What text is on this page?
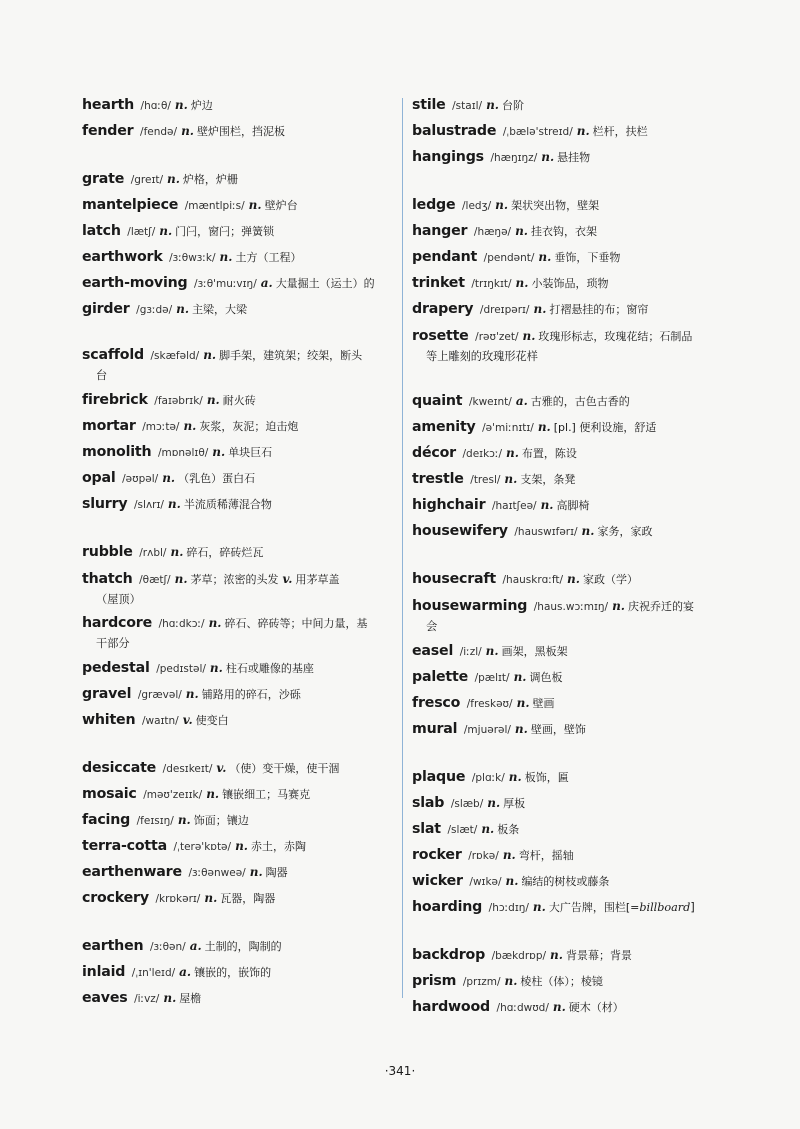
hearth /hɑːθ/ n. 炉边
fender /fendə/ n. 壁炉围栏，挡泥板
grate /greɪt/ n. 炉格，炉栅
mantelpiece /mæntlpiːs/ n. 壁炉台
latch /lætʃ/ n. 门闩，窗闩；弹簧锁
earthwork /ɜːθwɜːk/ n. 土方（工程）
earth-moving /ɜːθ'muːvɪŋ/ a. 大量掘土（运土）的
girder /gɜːdə/ n. 主梁，大梁
scaffold /skæfəld/ n. 脚手架，建筑架；绞架，断头
台
firebrick /faɪəbrɪk/ n. 耐火砖
mortar /mɔːtə/ n. 灰浆，灰泥；迫击炮
monolith /mɒnəlɪθ/ n. 单块巨石
opal /əʊpəl/ n. （乳色）蛋白石
slurry /slʌrɪ/ n. 半流质稀薄混合物
rubble /rʌbl/ n. 碎石，碎砖烂瓦
thatch /θætʃ/ n. 茅草；浓密的头发 v. 用茅草盖
（屋顶）
hardcore /hɑːdkɔː/ n. 碎石、碎砖等；中间力量，基
干部分
pedestal /pedɪstəl/ n. 柱石或雕像的基座
gravel /grævəl/ n. 铺路用的碎石，沙砾
whiten /waɪtn/ v. 使变白
desiccate /desɪkeɪt/ v. （使）变干燥，使干涸
mosaic /məʊ'zeɪɪk/ n. 镶嵌细工；马赛克
facing /feɪsɪŋ/ n. 饰面；镶边
terra-cotta /ˌterə'kɒtə/ n. 赤土，赤陶
earthenware /ɜːθənweə/ n. 陶器
crockery /krɒkərɪ/ n. 瓦器，陶器
earthen /ɜːθən/ a. 土制的，陶制的
inlaid /ˌɪn'leɪd/ a. 镶嵌的，嵌饰的
eaves /iːvz/ n. 屋檐
stile /staɪl/ n. 台阶
balustrade /ˌbælə'streɪd/ n. 栏杆，扶栏
hangings /hæŋɪŋz/ n. 悬挂物
ledge /ledʒ/ n. 架状突出物，壁架
hanger /hæŋə/ n. 挂衣钩，衣架
pendant /pendənt/ n. 垂饰，下垂物
trinket /trɪŋkɪt/ n. 小装饰品，琐物
drapery /dreɪpərɪ/ n. 打褶悬挂的布；窗帘
rosette /rəʊ'zet/ n. 玫瑰形标志，玫瑰花结；石制品
等上雕刻的玫瑰形花样
quaint /kweɪnt/ a. 古雅的，古色古香的
amenity /ə'miːnɪtɪ/ n. [pl.] 便利设施，舒适
décor /deɪkɔː/ n. 布置，陈设
trestle /tresl/ n. 支架，条凳
highchair /haɪtʃeə/ n. 高脚椅
housewifery /hauswɪfərɪ/ n. 家务，家政
housecraft /hauskrɑːft/ n. 家政（学）
housewarming /haus.wɔːmɪŋ/ n. 庆祝乔迁的宴
会
easel /iːzl/ n. 画架，黑板架
palette /pælɪt/ n. 调色板
fresco /freskəʊ/ n. 壁画
mural /mjuərəl/ n. 壁画，壁饰
plaque /plɑːk/ n. 板饰，匾
slab /slæb/ n. 厚板
slat /slæt/ n. 板条
rocker /rɒkə/ n. 弯杆，摇轴
wicker /wɪkə/ n. 编结的树枝或藤条
hoarding /hɔːdɪŋ/ n. 大广告牌，围栏[=billboard]
backdrop /bækdrɒp/ n. 背景幕；背景
prism /prɪzm/ n. 棱柱（体）；棱镜
hardwood /hɑːdwʊd/ n. 硬木（材）
·341·
